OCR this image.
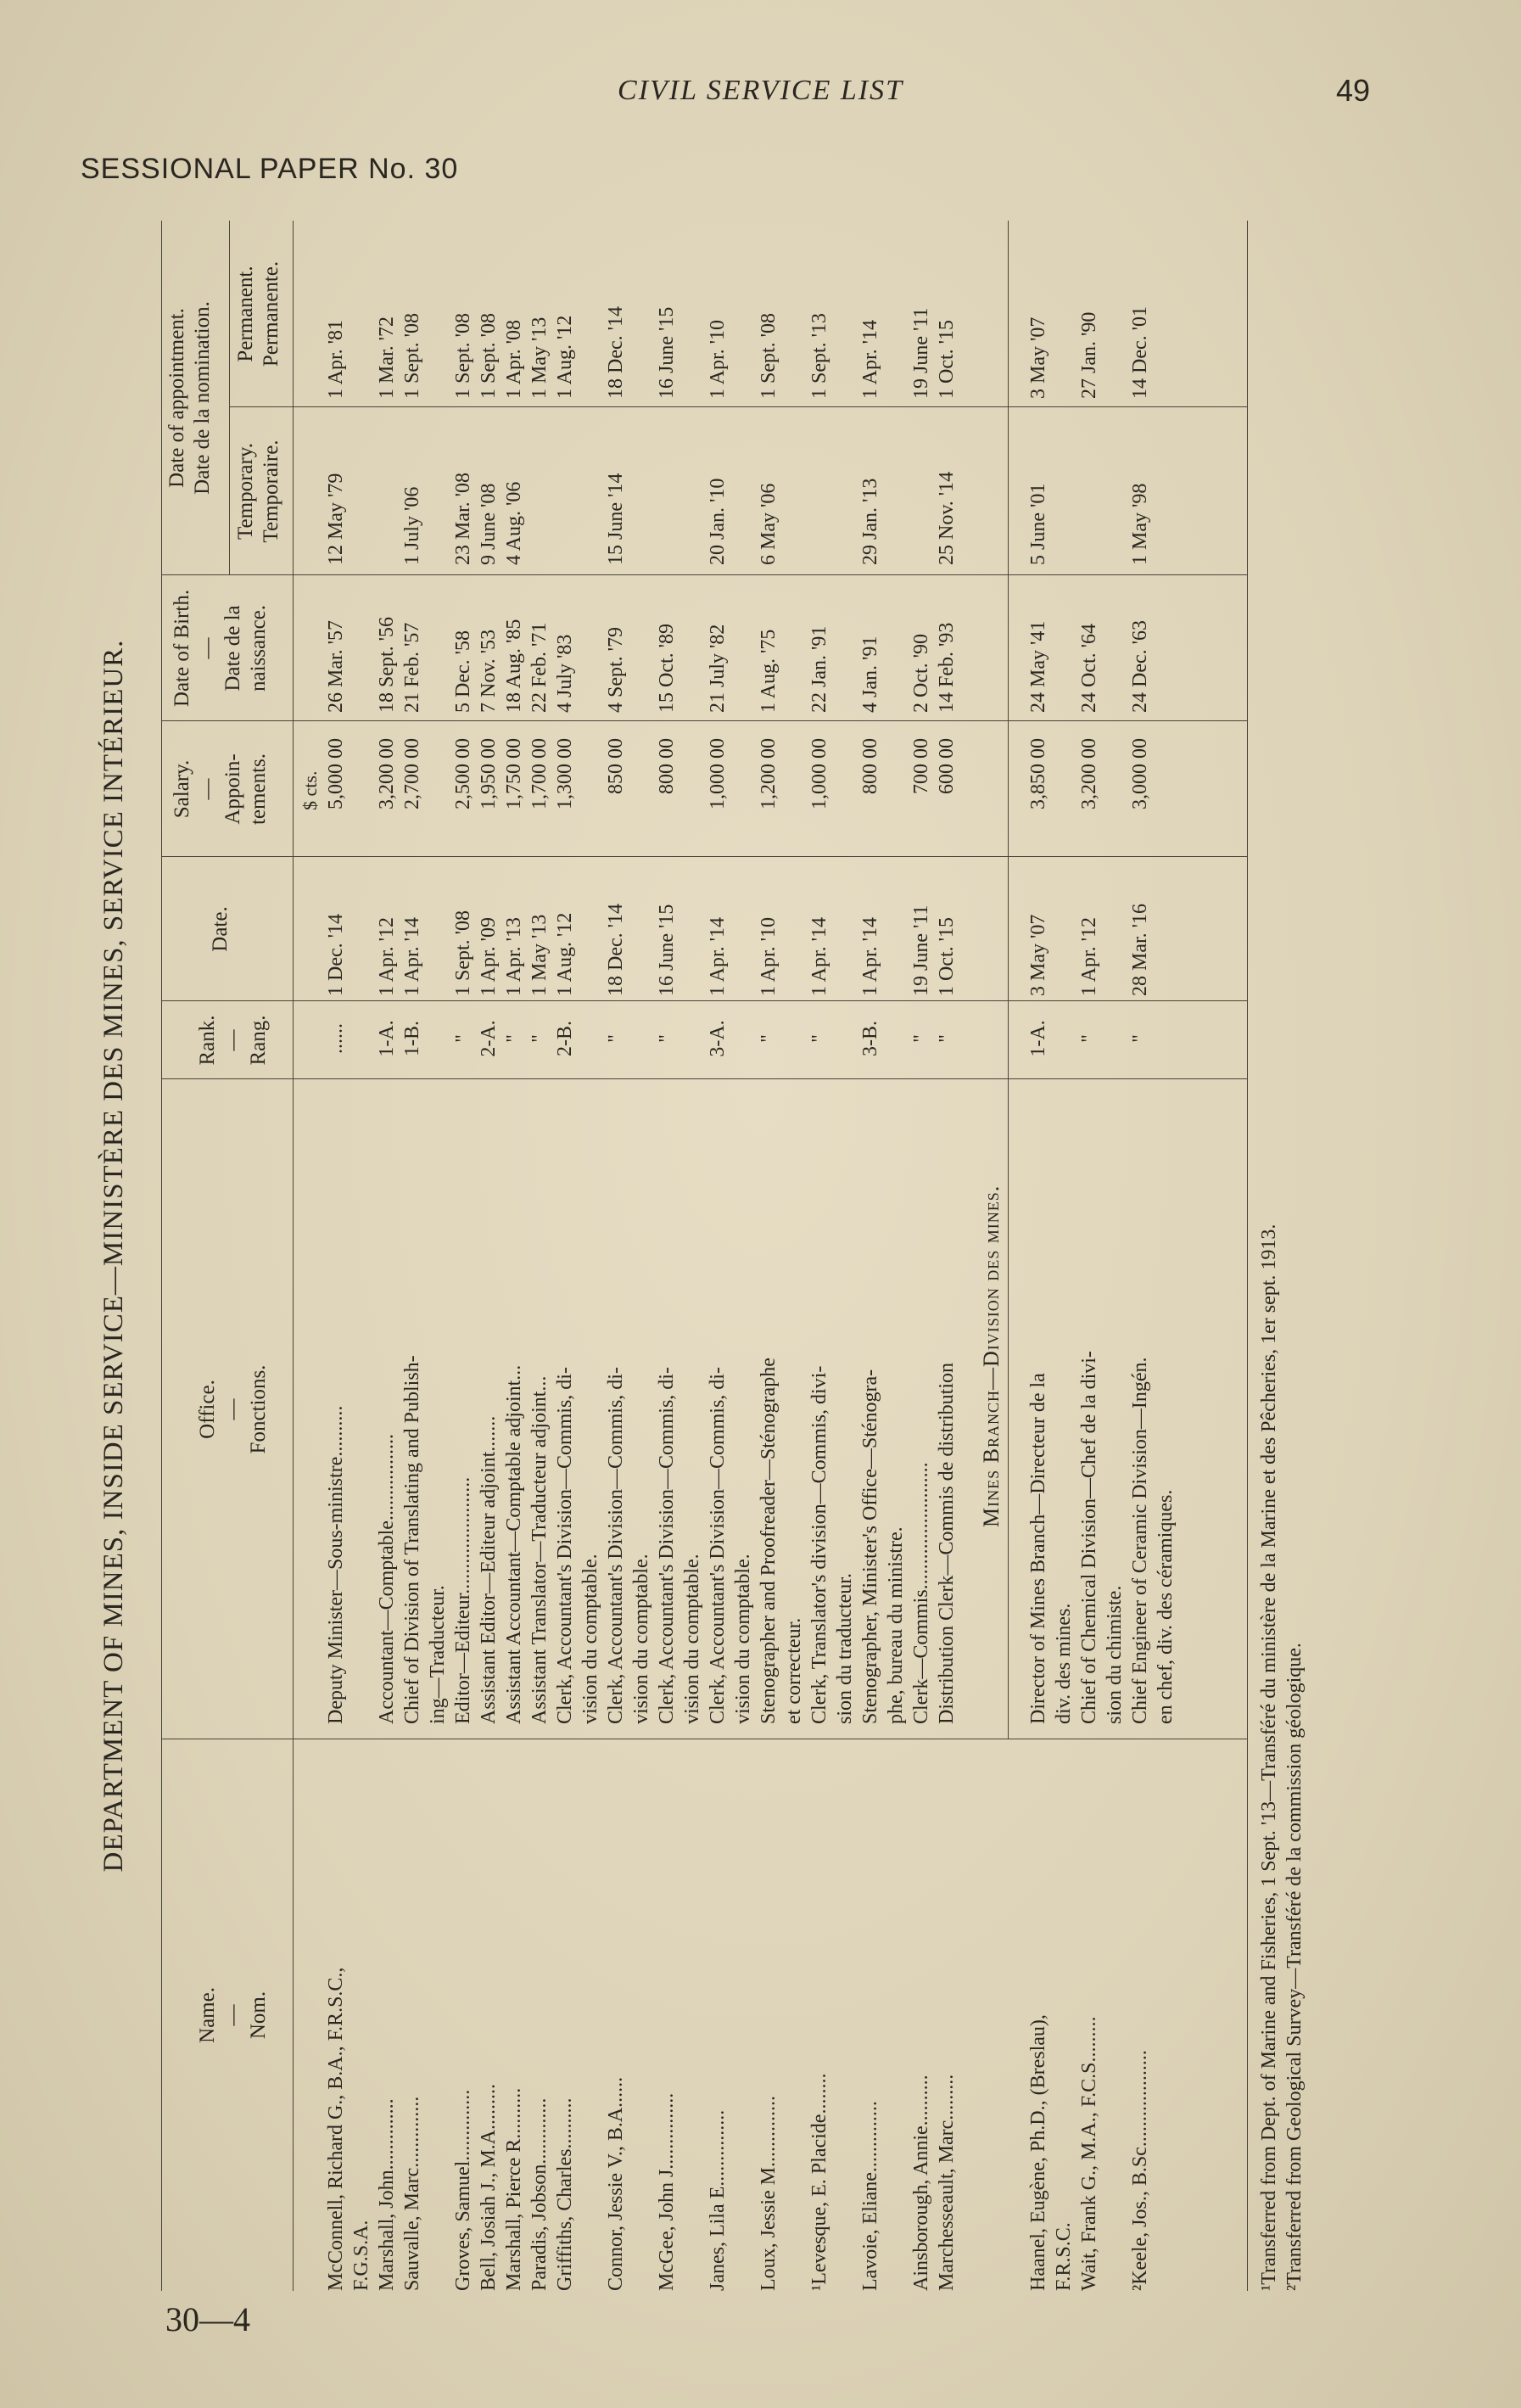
CIVIL SERVICE LIST	49
SESSIONAL PAPER No. 30
30—4
DEPARTMENT OF MINES, INSIDE SERVICE—MINISTÈRE DES MINES, SERVICE INTÉRIEUR.
Name. — Nom.
Office. — Fonctions.
Rank. — Rang.
Date.
Salary. — Appoin-tements.
Date of Birth. — Date de la naissance.
Date of appointment. Date de la nomination. Temporary. Temporaire.
Permanent. Permanente.
$ cts.
McConnell, Richard G., B.A., F.R.S.C.,
Deputy Minister—Sous-ministre..........
......
1 Dec. '14
5,000 00
26 Mar. '57
12 May '79
1 Apr. '81
F.G.S.A. Marshall, John..............
Accountant—Comptable.................
1-A.
1 Apr. '12
3,200 00
18 Sept. '56
1 Mar. '72
Sauvalle, Marc..............
Chief of Division of Translating and Publish-
1-B.
1 Apr. '14
2,700 00
21 Feb. '57
1 July '06
1 Sept. '08
ing—Traducteur.
Groves, Samuel..............
Editor—Editeur.......................
"
1 Sept. '08
2,500 00
5 Dec. '58
23 Mar. '08
1 Sept. '08
Bell, Josiah J., M.A.........
Assistant Editor—Editeur adjoint.......
2-A.
1 Apr. '09
1,950 00
7 Nov. '53
9 June '08
1 Sept. '08
Marshall, Pierce R..........
Assistant Accountant—Comptable adjoint...
"
1 Apr. '13
1,750 00
18 Aug. '85
4 Aug. '06
1 Apr. '08
Paradis, Jobson.............
Assistant Translator—Traducteur adjoint...
"
1 May '13
1,700 00
22 Feb. '71
1 May '13
Griffiths, Charles..........
Clerk, Accountant's Division—Commis, di-
2-B.
1 Aug. '12
1,300 00
4 July '83
1 Aug. '12
vision du comptable.
Connor, Jessie V., B.A......
Clerk, Accountant's Division—Commis, di-
"
18 Dec. '14
850 00
4 Sept. '79
15 June '14
18 Dec. '14
vision du comptable.
McGee, John J...............
Clerk, Accountant's Division—Commis, di-
"
16 June '15
800 00
15 Oct. '89
16 June '15
vision du comptable.
Janes, Lila E...............
Clerk, Accountant's Division—Commis, di-
3-A.
1 Apr. '14
1,000 00
21 July '82
20 Jan. '10
1 Apr. '10
vision du comptable.
Loux, Jessie M..............
Stenographer and Proofreader—Sténographe
"
1 Apr. '10
1,200 00
1 Aug. '75
6 May '06
1 Sept. '08
et correcteur.
¹Levesque, E. Placide........
Clerk, Translator's division—Commis, divi-
"
1 Apr. '14
1,000 00
22 Jan. '91
1 Sept. '13
sion du traducteur.
Lavoie, Eliane..............
Stenographer, Minister's Office—Sténogra-
3-B.
1 Apr. '14
800 00
4 Jan. '91
29 Jan. '13
1 Apr. '14
phe, bureau du ministre.
Ainsborough, Annie..........
Clerk—Commis.........................
"
19 June '11
700 00
2 Oct. '90
19 June '11
Marchesseault, Marc.........
Distribution Clerk—Commis de distribution
"
1 Oct. '15
600 00
14 Feb. '93
25 Nov. '14
1 Oct. '15
Mines Branch—Division des mines.
Haanel, Eugène, Ph.D., (Breslau),
Director of Mines Branch—Directeur de la
1-A.
3 May '07
3,850 00
24 May '41
5 June '01
3 May '07
F.R.S.C.
div. des mines.
Wait, Frank G., M.A., F.C.S.........
Chief of Chemical Division—Chef de la divi-
"
1 Apr. '12
3,200 00
24 Oct. '64
27 Jan. '90
sion du chimiste.
²Keele, Jos., B.Sc...................
Chief Engineer of Ceramic Division—Ingén.
"
28 Mar. '16
3,000 00
24 Dec. '63
1 May '98
14 Dec. '01
en chef, div. des céramiques.	¹Transferred from Dept. of Marine and Fisheries, 1 Sept. '13—Transféré du ministère de la Marine et des Pêcheries, 1er sept. 1913. ²Transferred from Geological Survey—Transféré de la commission géologique.
